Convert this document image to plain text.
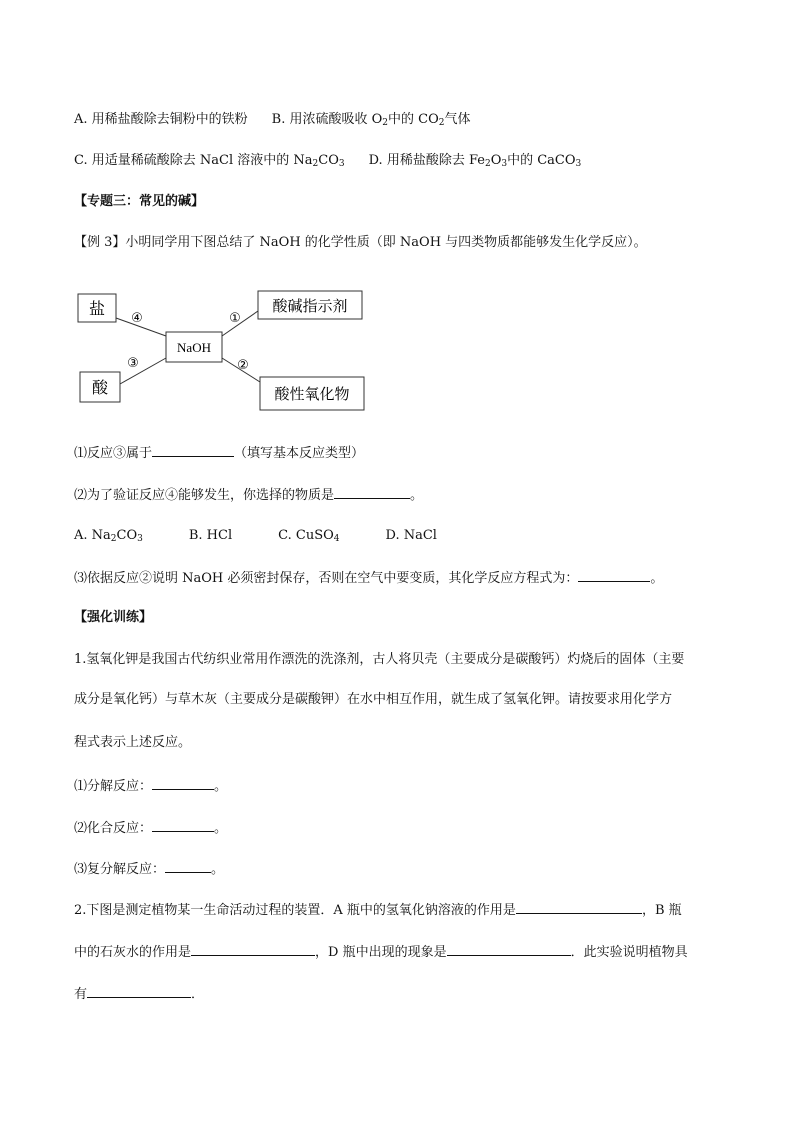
A. 用稀盐酸除去铜粉中的铁粉 B. 用浓硫酸吸收 $O_2$中的 $CO_2$气体
C. 用适量稀硫酸除去 NaCl 溶液中的 $Na_2CO_3$ D. 用稀盐酸除去 $Fe_2O_3$中的 CaCO$_3$
【专题三：常见的碱】
【例 3】小明同学用下图总结了 NaOH 的化学性质（即 NaOH 与四类物质都能够发生化学反应）。
盐
酸
NaOH
酸碱指示剂
酸性氧化物
①
②
③
④
⑴反应③属于	（填写基本反应类型）
⑵为了验证反应④能够发生，你选择的物质是	。
A. $Na_2CO_3$	B. HCl	C. CuSO$_4$	D. NaCl
⑶依据反应②说明 NaOH 必须密封保存，否则在空气中要变质，其化学反应方程式为：	。
【强化训练】
1.氢氧化钾是我国古代纺织业常用作漂洗的洗涤剂，古人将贝壳（主要成分是碳酸钙）灼烧后的固体（主要
成分是氧化钙）与草木灰（主要成分是碳酸钾）在水中相互作用，就生成了氢氧化钾。请按要求用化学方
程式表示上述反应。
⑴分解反应：	。
⑵化合反应：	。
⑶复分解反应：	。
2.下图是测定植物某一生命活动过程的装置．A 瓶中的氢氧化钠溶液的作用是	，B 瓶
中的石灰水的作用是	，D 瓶中出现的现象是	．此实验说明植物具
有	．
